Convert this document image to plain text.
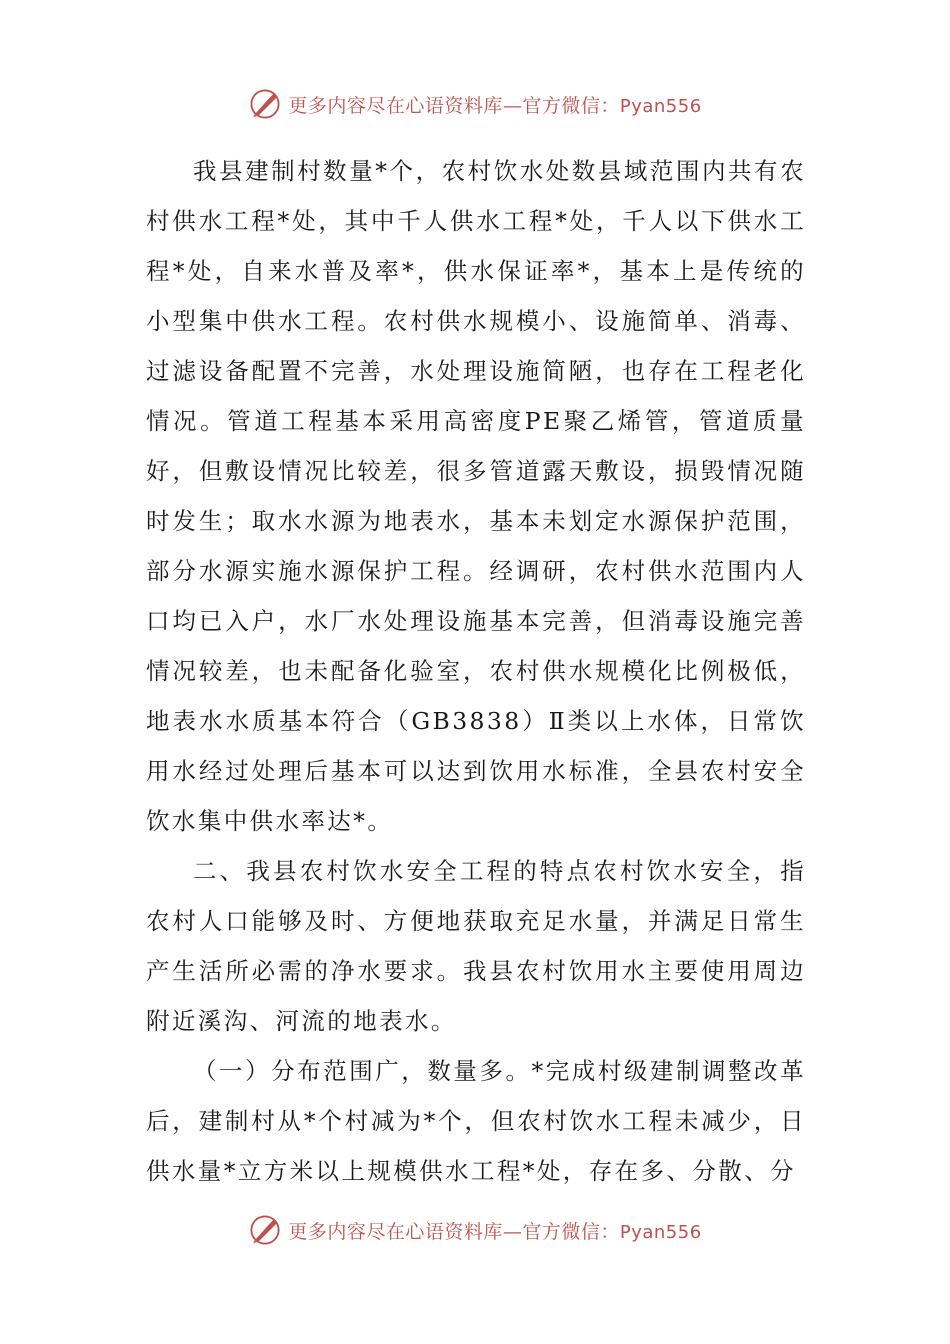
更多内容尽在心语资料库—官方微信：Pyan556

我县建制村数量*个，农村饮水处数县域范围内共有农村供水工程*处，其中千人供水工程*处，千人以下供水工程*处，自来水普及率*，供水保证率*，基本上是传统的小型集中供水工程。农村供水规模小、设施简单、消毒、过滤设备配置不完善，水处理设施简陋，也存在工程老化情况。管道工程基本采用高密度PE聚乙烯管，管道质量好，但敷设情况比较差，很多管道露天敷设，损毁情况随时发生；取水水源为地表水，基本未划定水源保护范围，部分水源实施水源保护工程。经调研，农村供水范围内人口均已入户，水厂水处理设施基本完善，但消毒设施完善情况较差，也未配备化验室，农村供水规模化比例极低，地表水水质基本符合（GB3838）Ⅱ类以上水体，日常饮用水经过处理后基本可以达到饮用水标准，全县农村安全饮水集中供水率达*。

二、我县农村饮水安全工程的特点农村饮水安全，指农村人口能够及时、方便地获取充足水量，并满足日常生产生活所必需的净水要求。我县农村饮用水主要使用周边附近溪沟、河流的地表水。

（一）分布范围广，数量多。*完成村级建制调整改革后，建制村从*个村减为*个，但农村饮水工程未减少，日供水量*立方米以上规模供水工程*处，存在多、分散、分

更多内容尽在心语资料库—官方微信：Pyan556
